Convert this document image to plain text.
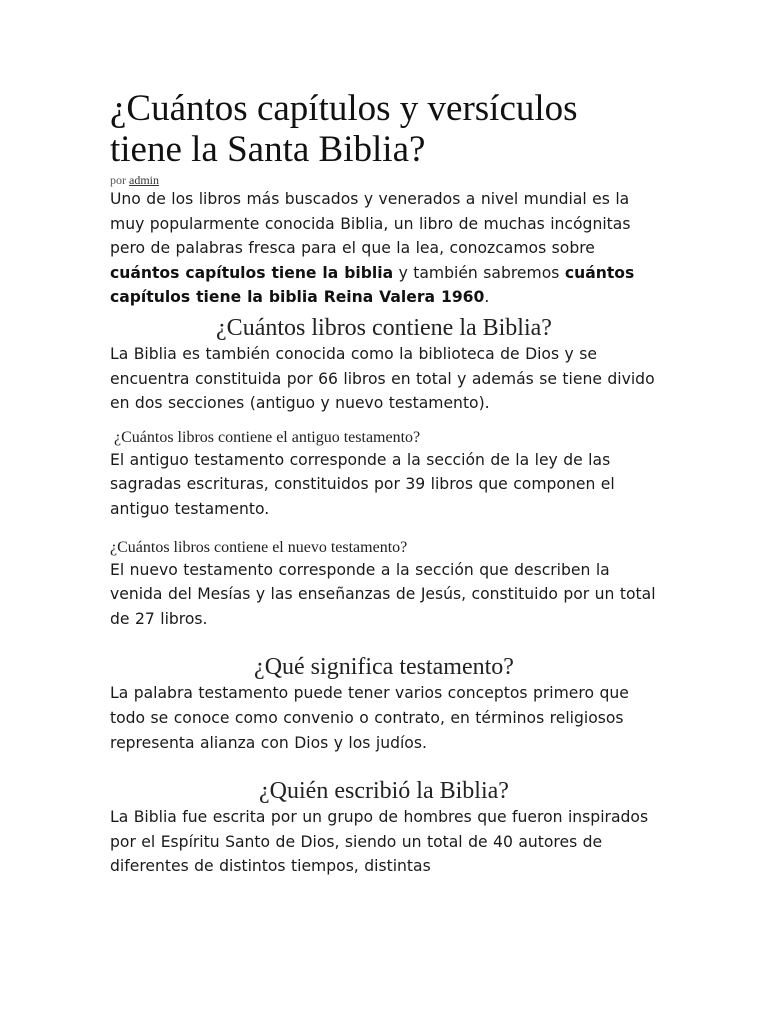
¿Cuántos capítulos y versículos tiene la Santa Biblia?
por admin

Uno de los libros más buscados y venerados a nivel mundial es la muy popularmente conocida Biblia, un libro de muchas incógnitas pero de palabras fresca para el que la lea, conozcamos sobre cuántos capítulos tiene la biblia y también sabremos cuántos capítulos tiene la biblia Reina Valera 1960.

¿Cuántos libros contiene la Biblia?

La Biblia es también conocida como la biblioteca de Dios y se encuentra constituida por 66 libros en total y además se tiene divido en dos secciones (antiguo y nuevo testamento).

¿Cuántos libros contiene el antiguo testamento?

El antiguo testamento corresponde a la sección de la ley de las sagradas escrituras, constituidos por 39 libros que componen el antiguo testamento.

¿Cuántos libros contiene el nuevo testamento?

El nuevo testamento corresponde a la sección que describen la venida del Mesías y las enseñanzas de Jesús, constituido por un total de 27 libros.

¿Qué significa testamento?

La palabra testamento puede tener varios conceptos primero que todo se conoce como convenio o contrato, en términos religiosos representa alianza con Dios y los judíos.

¿Quién escribió la Biblia?

La Biblia fue escrita por un grupo de hombres que fueron inspirados por el Espíritu Santo de Dios, siendo un total de 40 autores de diferentes de distintos tiempos, distintas
